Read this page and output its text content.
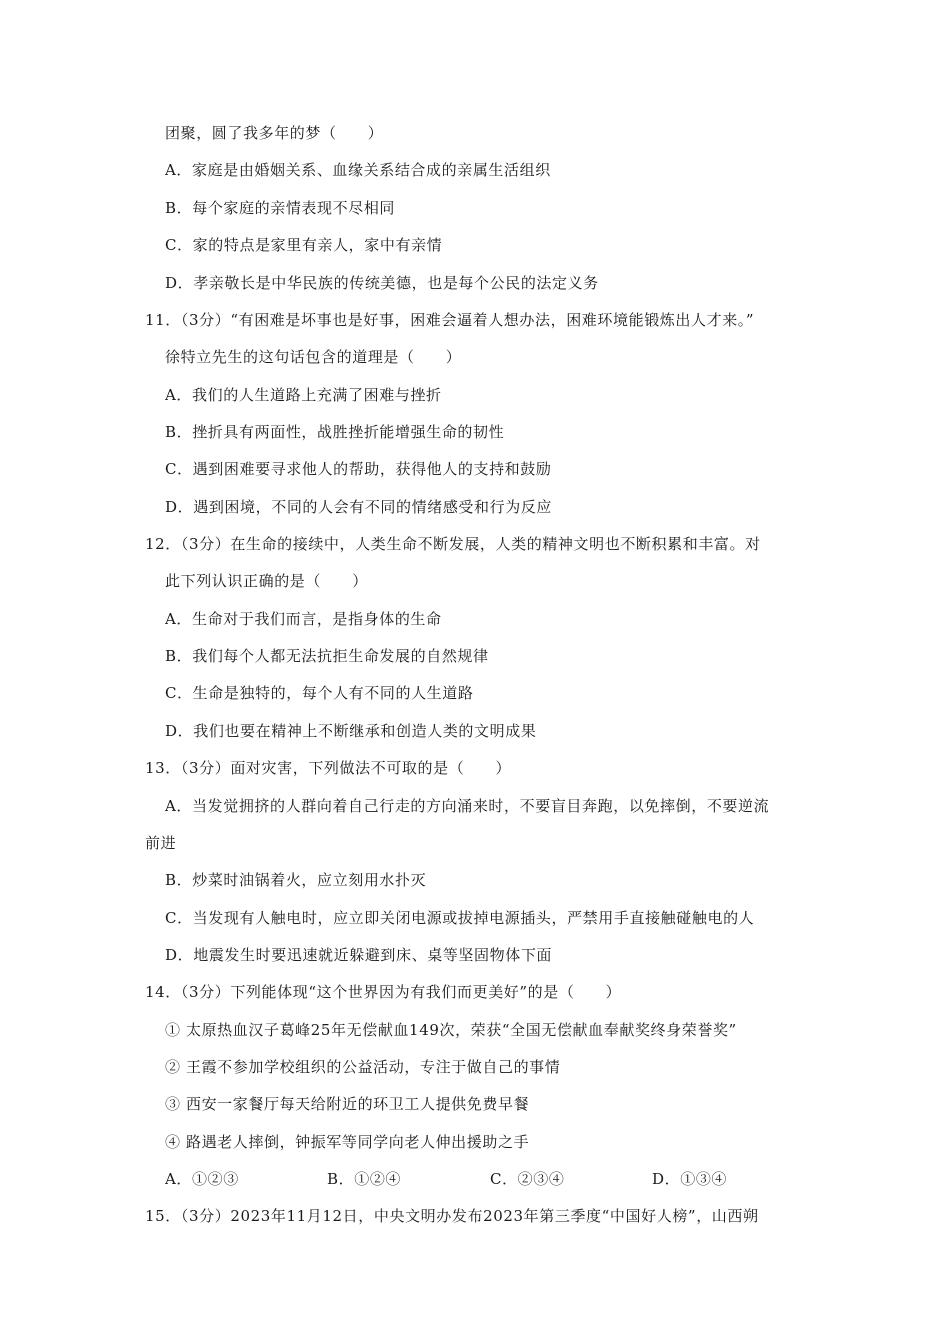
团聚，圆了我多年的梦（　　）
A．家庭是由婚姻关系、血缘关系结合成的亲属生活组织
B．每个家庭的亲情表现不尽相同
C．家的特点是家里有亲人，家中有亲情
D．孝亲敬长是中华民族的传统美德，也是每个公民的法定义务
11．（3分）“有困难是坏事也是好事，困难会逼着人想办法，困难环境能锻炼出人才来。”
徐特立先生的这句话包含的道理是（　　）
A．我们的人生道路上充满了困难与挫折
B．挫折具有两面性，战胜挫折能增强生命的韧性
C．遇到困难要寻求他人的帮助，获得他人的支持和鼓励
D．遇到困境，不同的人会有不同的情绪感受和行为反应
12．（3分）在生命的接续中，人类生命不断发展，人类的精神文明也不断积累和丰富。对
此下列认识正确的是（　　）
A．生命对于我们而言，是指身体的生命
B．我们每个人都无法抗拒生命发展的自然规律
C．生命是独特的，每个人有不同的人生道路
D．我们也要在精神上不断继承和创造人类的文明成果
13．（3分）面对灾害，下列做法不可取的是（　　）
A．当发觉拥挤的人群向着自己行走的方向涌来时，不要盲目奔跑，以免摔倒，不要逆流
前进
B．炒菜时油锅着火，应立刻用水扑灭
C．当发现有人触电时，应立即关闭电源或拔掉电源插头，严禁用手直接触碰触电的人
D．地震发生时要迅速就近躲避到床、桌等坚固物体下面
14．（3分）下列能体现“这个世界因为有我们而更美好”的是（　　）
① 太原热血汉子葛峰25年无偿献血149次，荣获“全国无偿献血奉献奖终身荣誉奖”
② 王霞不参加学校组织的公益活动，专注于做自己的事情
③ 西安一家餐厅每天给附近的环卫工人提供免费早餐
④ 路遇老人摔倒，钟振军等同学向老人伸出援助之手
A．①②③	B．①②④	C．②③④	D．①③④
15．（3分）2023年11月12日，中央文明办发布2023年第三季度“中国好人榜”，山西朔
